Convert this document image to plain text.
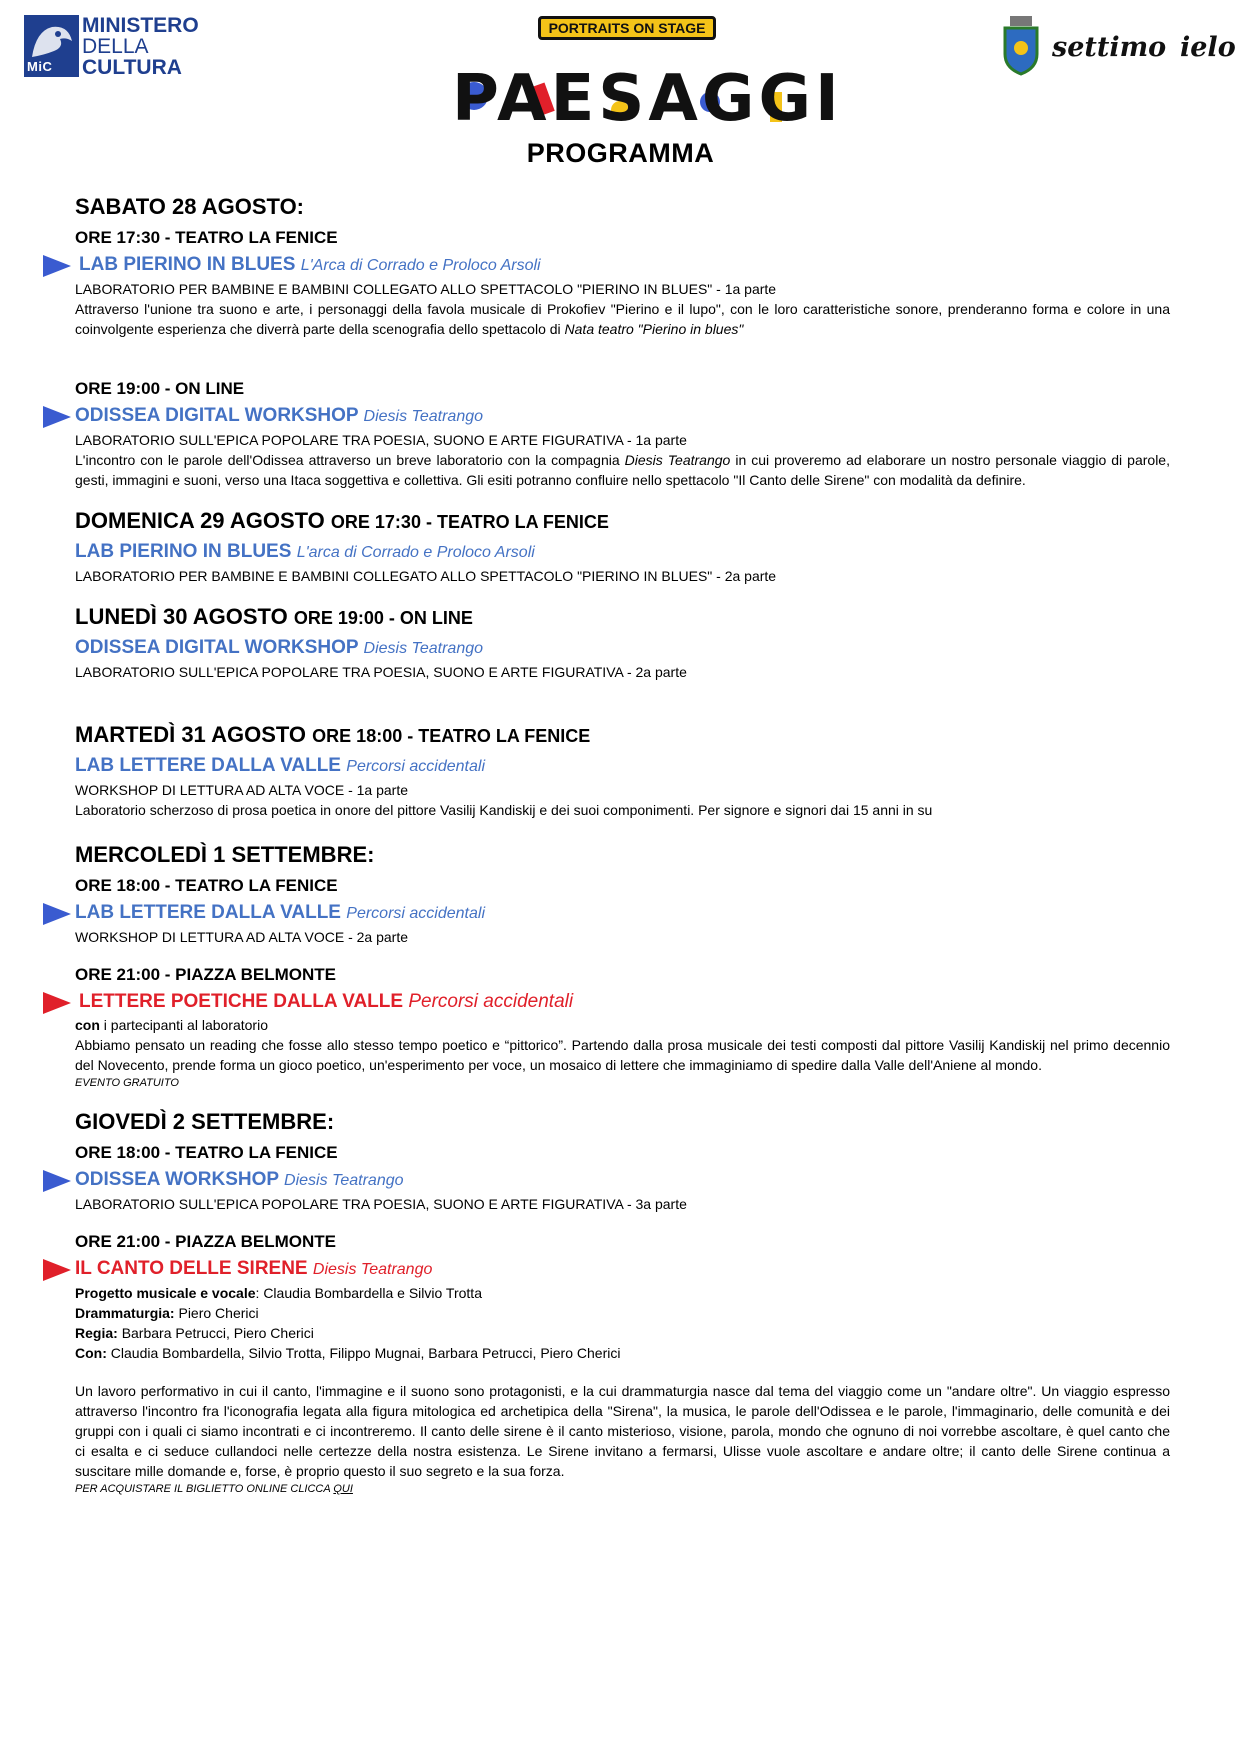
MiC
MINISTERO
DELLA
CULTURA
PORTRAITS ON STAGE
PAESAGGI
settimo ielo
PROGRAMMA

SABATO 28 AGOSTO:

ORE 17:30 - TEATRO LA FENICE

LAB PIERINO IN BLUES L'Arca di Corrado e Proloco Arsoli

LABORATORIO PER BAMBINE E BAMBINI COLLEGATO ALLO SPETTACOLO "PIERINO IN BLUES" - 1a parte

Attraverso l'unione tra suono e arte, i personaggi della favola musicale di Prokofiev "Pierino e il lupo", con le loro caratteristiche sonore, prenderanno forma e colore in una coinvolgente esperienza che diverrà parte della scenografia dello spettacolo di Nata teatro "Pierino in blues"

ORE 19:00 - ON LINE

ODISSEA DIGITAL WORKSHOP Diesis Teatrango

LABORATORIO SULL'EPICA POPOLARE TRA POESIA, SUONO E ARTE FIGURATIVA - 1a parte

L'incontro con le parole dell'Odissea attraverso un breve laboratorio con la compagnia Diesis Teatrango in cui proveremo ad elaborare un nostro personale viaggio di parole, gesti, immagini e suoni, verso una Itaca soggettiva e collettiva. Gli esiti potranno confluire nello spettacolo "Il Canto delle Sirene" con modalità da definire.

DOMENICA 29 AGOSTO ORE 17:30 - TEATRO LA FENICE

LAB PIERINO IN BLUES L'arca di Corrado e Proloco Arsoli

LABORATORIO PER BAMBINE E BAMBINI COLLEGATO ALLO SPETTACOLO "PIERINO IN BLUES" - 2a parte

LUNEDÌ 30 AGOSTO ORE 19:00 - ON LINE

ODISSEA DIGITAL WORKSHOP Diesis Teatrango

LABORATORIO SULL'EPICA POPOLARE TRA POESIA, SUONO E ARTE FIGURATIVA - 2a parte

MARTEDÌ 31 AGOSTO ORE 18:00 - TEATRO LA FENICE

LAB LETTERE DALLA VALLE Percorsi accidentali

WORKSHOP DI LETTURA AD ALTA VOCE - 1a parte

Laboratorio scherzoso di prosa poetica in onore del pittore Vasilij Kandiskij e dei suoi componimenti. Per signore e signori dai 15 anni in su

MERCOLEDÌ 1 SETTEMBRE:

ORE 18:00 - TEATRO LA FENICE

LAB LETTERE DALLA VALLE Percorsi accidentali

WORKSHOP DI LETTURA AD ALTA VOCE - 2a parte

ORE 21:00 - PIAZZA BELMONTE

LETTERE POETICHE DALLA VALLE Percorsi accidentali

con i partecipanti al laboratorio

Abbiamo pensato un reading che fosse allo stesso tempo poetico e “pittorico”. Partendo dalla prosa musicale dei testi composti dal pittore Vasilij Kandiskij nel primo decennio del Novecento, prende forma un gioco poetico, un'esperimento per voce, un mosaico di lettere che immaginiamo di spedire dalla Valle dell'Aniene al mondo.

EVENTO GRATUITO

GIOVEDÌ 2 SETTEMBRE:

ORE 18:00 - TEATRO LA FENICE

ODISSEA WORKSHOP Diesis Teatrango

LABORATORIO SULL'EPICA POPOLARE TRA POESIA, SUONO E ARTE FIGURATIVA - 3a parte

ORE 21:00 - PIAZZA BELMONTE

IL CANTO DELLE SIRENE Diesis Teatrango

Progetto musicale e vocale: Claudia Bombardella e Silvio Trotta

Drammaturgia: Piero Cherici

Regia: Barbara Petrucci, Piero Cherici

Con: Claudia Bombardella, Silvio Trotta, Filippo Mugnai, Barbara Petrucci, Piero Cherici

Un lavoro performativo in cui il canto, l'immagine e il suono sono protagonisti, e la cui drammaturgia nasce dal tema del viaggio come un "andare oltre". Un viaggio espresso attraverso l'incontro fra l'iconografia legata alla figura mitologica ed archetipica della "Sirena", la musica, le parole dell'Odissea e le parole, l'immaginario, delle comunità e dei gruppi con i quali ci siamo incontrati e ci incontreremo. Il canto delle sirene è il canto misterioso, visione, parola, mondo che ognuno di noi vorrebbe ascoltare, è quel canto che ci esalta e ci seduce cullandoci nelle certezze della nostra esistenza. Le Sirene invitano a fermarsi, Ulisse vuole ascoltare e andare oltre; il canto delle Sirene continua a suscitare mille domande e, forse, è proprio questo il suo segreto e la sua forza.

PER ACQUISTARE IL BIGLIETTO ONLINE CLICCA QUI
